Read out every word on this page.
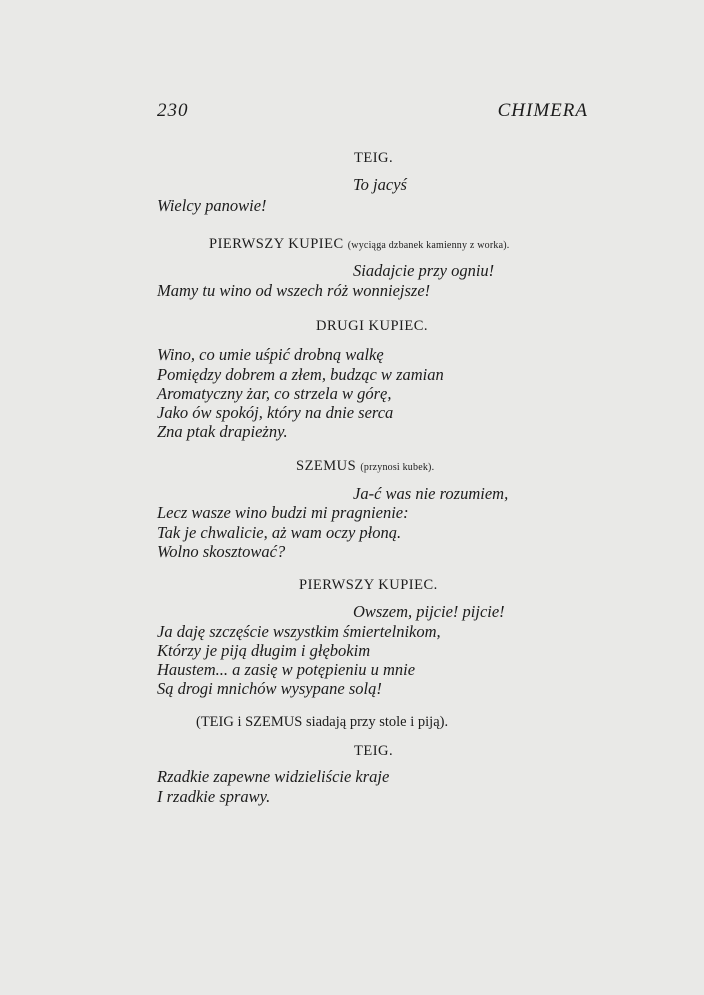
230	CHIMERA
TEIG.
To jacyś
Wielcy panowie!
PIERWSZY KUPIEC (wyciąga dzbanek kamienny z worka).
Siadajcie przy ogniu!
Mamy tu wino od wszech róż wonniejsze!
DRUGI KUPIEC.
Wino, co umie uśpić drobną walkę
Pomiędzy dobrem a złem, budząc w zamian
Aromatyczny żar, co strzela w górę,
Jako ów spokój, który na dnie serca
Zna ptak drapieżny.
SZEMUS (przynosi kubek).
Ja-ć was nie rozumiem,
Lecz wasze wino budzi mi pragnienie:
Tak je chwalicie, aż wam oczy płoną.
Wolno skosztować?
PIERWSZY KUPIEC.
Owszem, pijcie! pijcie!
Ja daję szczęście wszystkim śmiertelnikom,
Którzy je piją długim i głębokim
Haustem... a zasię w potępieniu u mnie
Są drogi mnichów wysypane solą!
(TEIG i SZEMUS siadają przy stole i piją).
TEIG.
Rzadkie zapewne widzieliście kraje
I rzadkie sprawy.
